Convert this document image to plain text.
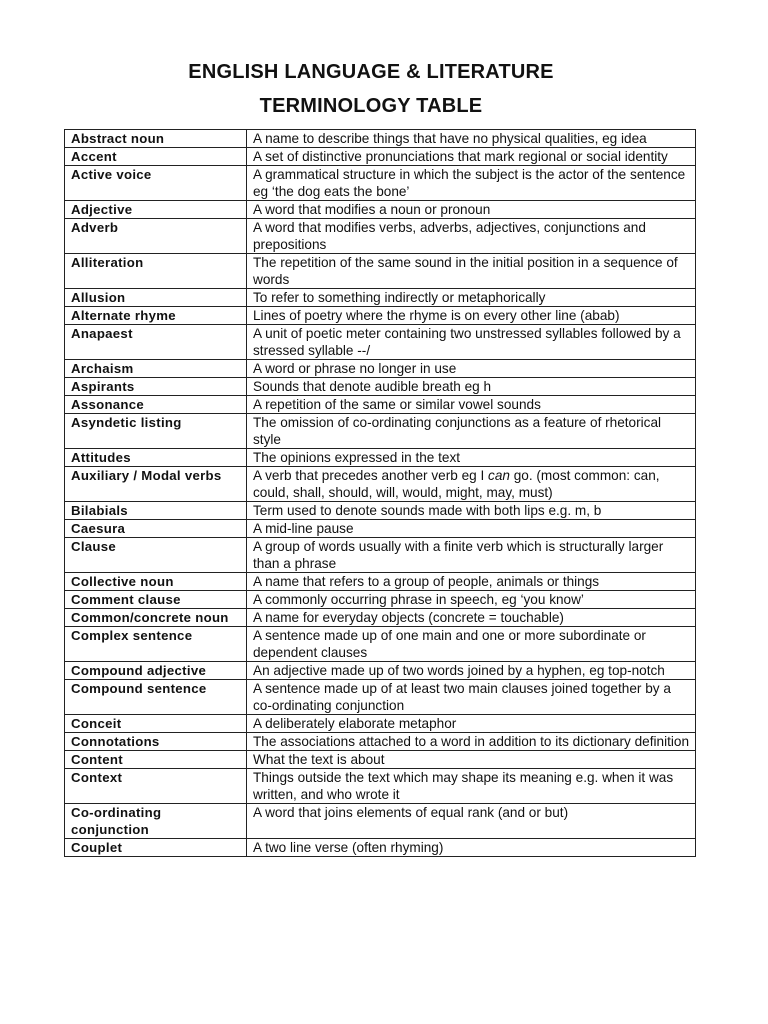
ENGLISH LANGUAGE & LITERATURE
TERMINOLOGY TABLE
Abstract noun	A name to describe things that have no physical qualities, eg idea
Accent	A set of distinctive pronunciations that mark regional or social identity
Active voice	A grammatical structure in which the subject is the actor of the sentence eg ‘the dog eats the bone’
Adjective	A word that modifies a noun or pronoun
Adverb	A word that modifies verbs, adverbs, adjectives, conjunctions and prepositions
Alliteration	The repetition of the same sound in the initial position in a sequence of words
Allusion	To refer to something indirectly or metaphorically
Alternate rhyme	Lines of poetry where the rhyme is on every other line (abab)
Anapaest	A unit of poetic meter containing two unstressed syllables followed by a stressed syllable --/
Archaism	A word or phrase no longer in use
Aspirants	Sounds that denote audible breath eg h
Assonance	A repetition of the same or similar vowel sounds
Asyndetic listing	The omission of co-ordinating conjunctions as a feature of rhetorical style
Attitudes	The opinions expressed in the text
Auxiliary / Modal verbs	A verb that precedes another verb eg I can go. (most common: can, could, shall, should, will, would, might, may, must)
Bilabials	Term used to denote sounds made with both lips e.g. m, b
Caesura	A mid-line pause
Clause	A group of words usually with a finite verb which is structurally larger than a phrase
Collective noun	A name that refers to a group of people, animals or things
Comment clause	A commonly occurring phrase in speech, eg ‘you know’
Common/concrete noun	A name for everyday objects (concrete = touchable)
Complex sentence	A sentence made up of one main and one or more subordinate or dependent clauses
Compound adjective	An adjective made up of two words joined by a hyphen, eg top-notch
Compound sentence	A sentence made up of at least two main clauses joined together by a co-ordinating conjunction
Conceit	A deliberately elaborate metaphor
Connotations	The associations attached to a word in addition to its dictionary definition
Content	What the text is about
Context	Things outside the text which may shape its meaning e.g. when it was written, and who wrote it
Co-ordinating conjunction	A word that joins elements of equal rank (and or but)
Couplet	A two line verse (often rhyming)
